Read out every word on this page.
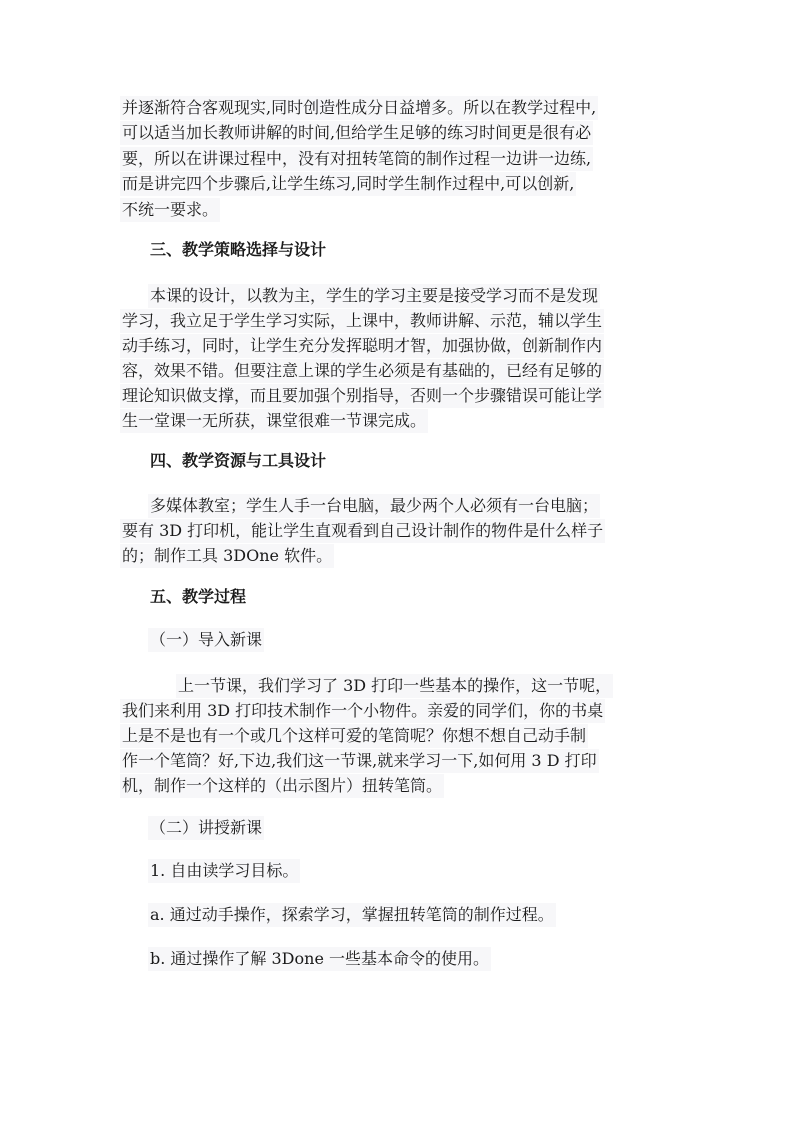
并逐渐符合客观现实,同时创造性成分日益增多。所以在教学过程中,
可以适当加长教师讲解的时间,但给学生足够的练习时间更是很有必
要，所以在讲课过程中，没有对扭转笔筒的制作过程一边讲一边练,
而是讲完四个步骤后,让学生练习,同时学生制作过程中,可以创新,
不统一要求。
三、教学策略选择与设计
本课的设计，以教为主，学生的学习主要是接受学习而不是发现
学习，我立足于学生学习实际，上课中，教师讲解、示范，辅以学生
动手练习，同时，让学生充分发挥聪明才智，加强协做，创新制作内
容，效果不错。但要注意上课的学生必须是有基础的，已经有足够的
理论知识做支撑，而且要加强个别指导，否则一个步骤错误可能让学
生一堂课一无所获，课堂很难一节课完成。
四、教学资源与工具设计
多媒体教室；学生人手一台电脑，最少两个人必须有一台电脑；
要有 3D 打印机，能让学生直观看到自己设计制作的物件是什么样子
的；制作工具 3DOne 软件。
五、教学过程
（一）导入新课
上一节课，我们学习了 3D 打印一些基本的操作，这一节呢，
我们来利用 3D 打印技术制作一个小物件。亲爱的同学们，你的书桌
上是不是也有一个或几个这样可爱的笔筒呢？你想不想自己动手制
作一个笔筒？好,下边,我们这一节课,就来学习一下,如何用 3 D 打印
机，制作一个这样的（出示图片）扭转笔筒。
（二）讲授新课
1. 自由读学习目标。
a. 通过动手操作，探索学习，掌握扭转笔筒的制作过程。
b. 通过操作了解 3Done 一些基本命令的使用。
